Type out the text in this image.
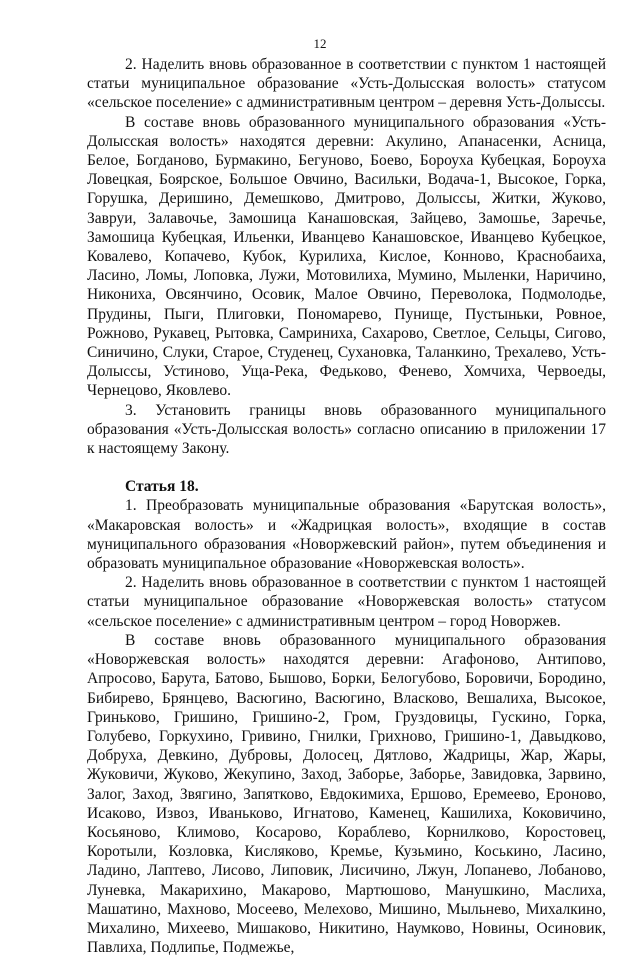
12

2. Наделить вновь образованное в соответствии с пунктом 1 настоящей статьи муниципальное образование «Усть-Долысская волость» статусом «сельское поселение» с административным центром – деревня Усть-Долыссы.

В составе вновь образованного муниципального образования «Усть-Долысская волость» находятся деревни: Акулино, Апанасенки, Асница, Белое, Богданово, Бурмакино, Бегуново, Боево, Бороуха Кубецкая, Бороуха Ловецкая, Боярское, Большое Овчино, Васильки, Водача-1, Высокое, Горка, Горушка, Деришино, Демешково, Дмитрово, Долыссы, Житки, Жуково, Завруи, Залавочье, Замошица Канашовская, Зайцево, Замошье, Заречье, Замошица Кубецкая, Ильенки, Иванцево Канашовское, Иванцево Кубецкое, Ковалево, Копачево, Кубок, Курилиха, Кислое, Конново, Краснобаиха, Ласино, Ломы, Лоповка, Лужи, Мотовилиха, Мумино, Мыленки, Наричино, Никониха, Овсянчино, Осовик, Малое Овчино, Переволока, Подмолодье, Прудины, Пыги, Плиговки, Пономарево, Пунище, Пустыньки, Ровное, Рожново, Рукавец, Рытовка, Самриниха, Сахарово, Светлое, Сельцы, Сигово, Синичино, Слуки, Старое, Студенец, Сухановка, Таланкино, Трехалево, Усть-Долыссы, Устиново, Уща-Река, Федьково, Фенево, Хомчиха, Червоеды, Чернецово, Яковлево.

3. Установить границы вновь образованного муниципального образования «Усть-Долысская волость» согласно описанию в приложении 17 к настоящему Закону.

Статья 18.

1. Преобразовать муниципальные образования «Барутская волость», «Макаровская волость» и «Жадрицкая волость», входящие в состав муниципального образования «Новоржевский район», путем объединения и образовать муниципальное образование «Новоржевская волость».

2. Наделить вновь образованное в соответствии с пунктом 1 настоящей статьи муниципальное образование «Новоржевская волость» статусом «сельское поселение» с административным центром – город Новоржев.

В составе вновь образованного муниципального образования «Новоржевская волость» находятся деревни: Агафоново, Антипово, Апросово, Барута, Батово, Бышово, Борки, Белогубово, Боровичи, Бородино, Бибирево, Брянцево, Васюгино, Васюгино, Власково, Вешалиха, Высокое, Гриньково, Гришино, Гришино-2, Гром, Груздовицы, Гускино, Горка, Голубево, Горкухино, Гривино, Гнилки, Грихново, Гришино-1, Давыдково, Добруха, Девкино, Дубровы, Долосец, Дятлово, Жадрицы, Жар, Жары, Жуковичи, Жуково, Жекупино, Заход, Заборье, Заборье, Завидовка, Зарвино, Залог, Заход, Звягино, Запятково, Евдокимиха, Ершово, Еремеево, Ероново, Исаково, Извоз, Иваньково, Игнатово, Каменец, Кашилиха, Коковичино, Косьяново, Климово, Косарово, Кораблево, Корнилково, Коростовец, Коротыли, Козловка, Кисляково, Кремье, Кузьмино, Коськино, Ласино, Ладино, Лаптево, Лисово, Липовик, Лисичино, Лжун, Лопанево, Лобаново, Луневка, Макарихино, Макарово, Мартюшово, Манушкино, Маслиха, Машатино, Махново, Мосеево, Мелехово, Мишино, Мыльнево, Михалкино, Михалино, Михеево, Мишаково, Никитино, Наумково, Новины, Осиновик, Павлиха, Подлипье, Подмежье,
